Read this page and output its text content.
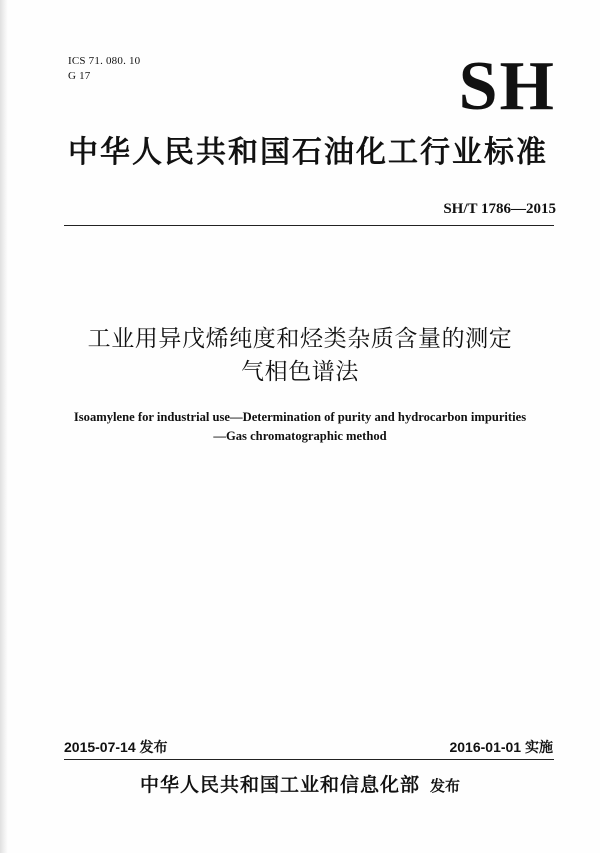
ICS 71. 080. 10
G 17	SH
中华人民共和国石油化工行业标准
SH/T 1786—2015
工业用异戊烯纯度和烃类杂质含量的测定
气相色谱法
Isoamylene for industrial use—Determination of purity and hydrocarbon impurities
—Gas chromatographic method
2015-07-14 发布	2016-01-01 实施
中华人民共和国工业和信息化部 发布
